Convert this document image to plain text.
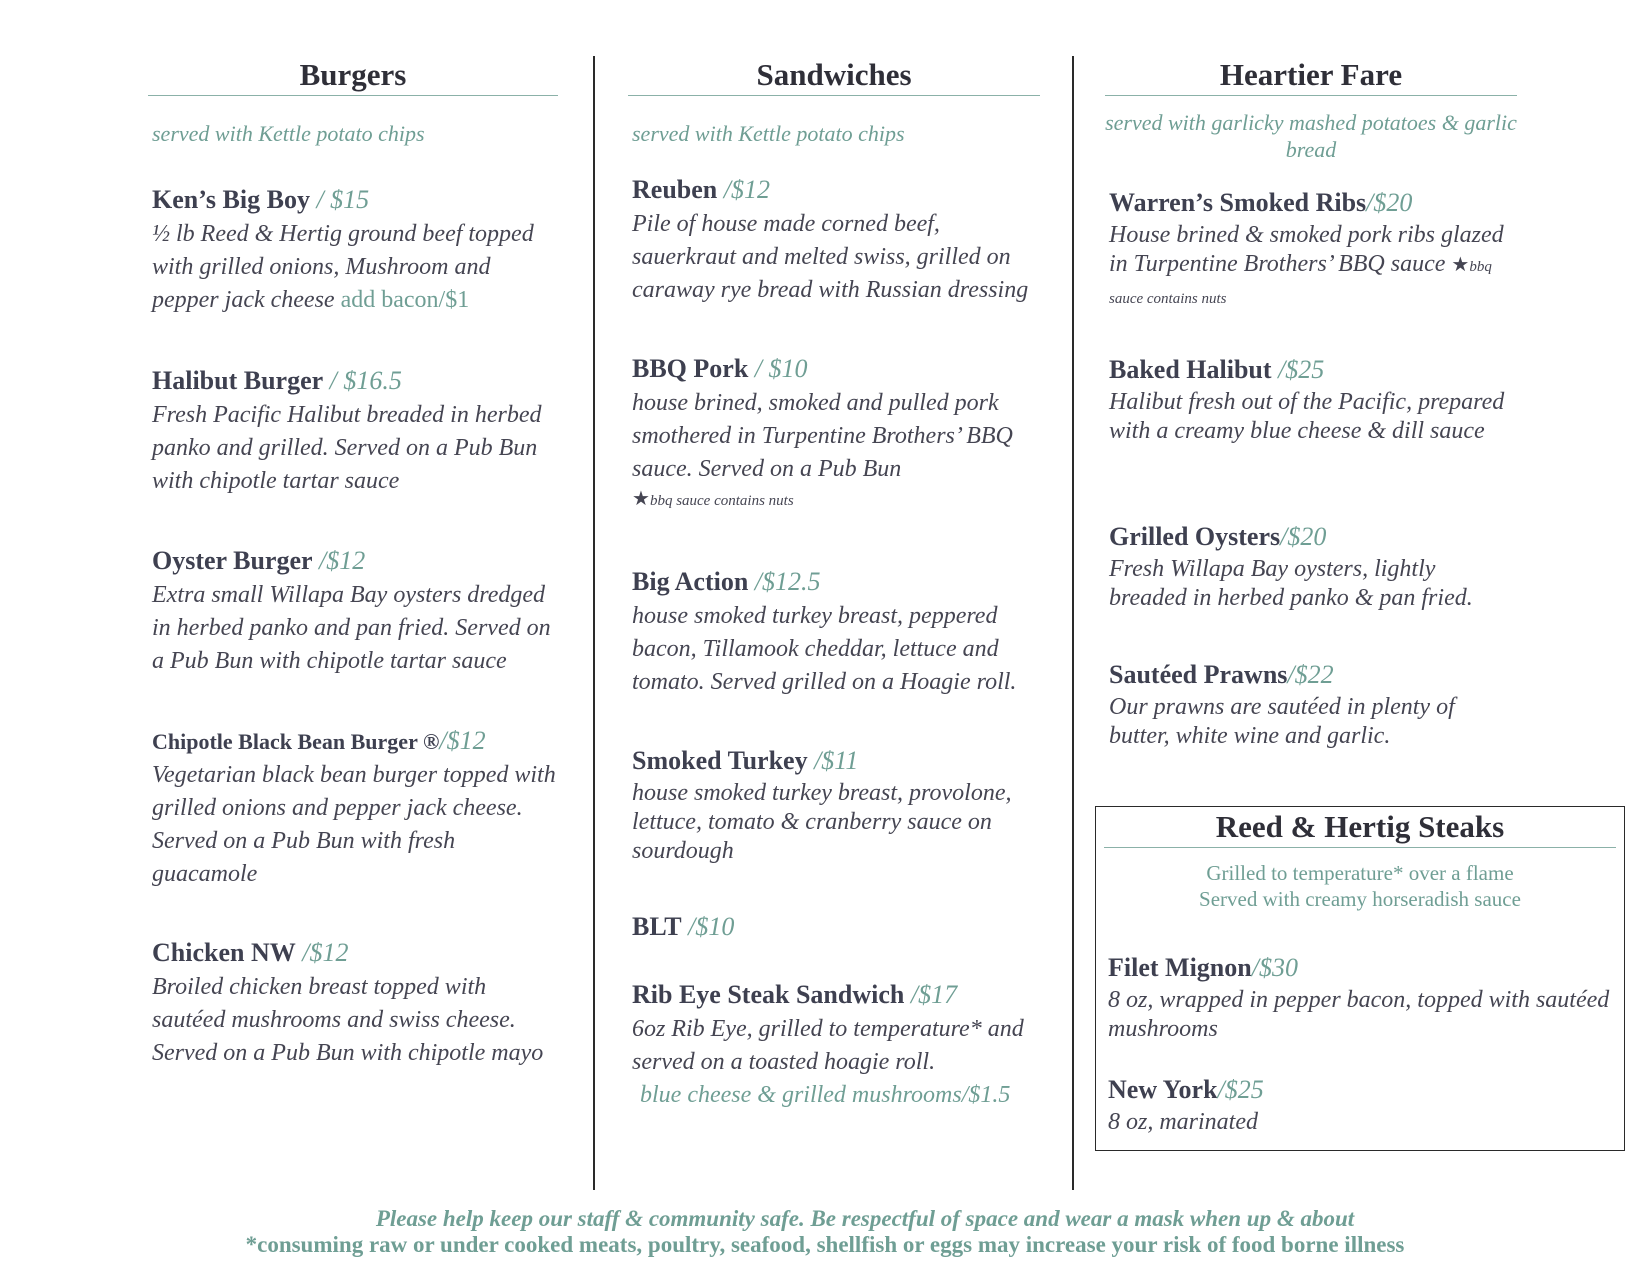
Burgers
served with Kettle potato chips
Ken’s Big Boy / $15
½ lb Reed & Hertig ground beef topped with grilled onions, Mushroom and pepper jack cheese add bacon/$1
Halibut Burger / $16.5
Fresh Pacific Halibut breaded in herbed panko and grilled. Served on a Pub Bun with chipotle tartar sauce
Oyster Burger /$12
Extra small Willapa Bay oysters dredged in herbed panko and pan fried. Served on a Pub Bun with chipotle tartar sauce
Chipotle Black Bean Burger ®/$12
Vegetarian black bean burger topped with grilled onions and pepper jack cheese. Served on a Pub Bun with fresh guacamole
Chicken NW /$12
Broiled chicken breast topped with sautéed mushrooms and swiss cheese. Served on a Pub Bun with chipotle mayo
Sandwiches
served with Kettle potato chips
Reuben /$12
Pile of house made corned beef, sauerkraut and melted swiss, grilled on caraway rye bread with Russian dressing
BBQ Pork / $10
house brined, smoked and pulled pork smothered in Turpentine Brothers’ BBQ sauce. Served on a Pub Bun
★bbq sauce contains nuts
Big Action /$12.5
house smoked turkey breast, peppered bacon, Tillamook cheddar, lettuce and tomato. Served grilled on a Hoagie roll.
Smoked Turkey /$11
house smoked turkey breast, provolone, lettuce, tomato & cranberry sauce on sourdough
BLT /$10
Rib Eye Steak Sandwich /$17
6oz Rib Eye, grilled to temperature* and served on a toasted hoagie roll.
blue cheese & grilled mushrooms/$1.5
Heartier Fare
served with garlicky mashed potatoes & garlic bread
Warren’s Smoked Ribs/$20
House brined & smoked pork ribs glazed in Turpentine Brothers’ BBQ sauce ★bbq sauce contains nuts
Baked Halibut /$25
Halibut fresh out of the Pacific, prepared with a creamy blue cheese & dill sauce
Grilled Oysters/$20
Fresh Willapa Bay oysters, lightly breaded in herbed panko & pan fried.
Sautéed Prawns/$22
Our prawns are sautéed in plenty of butter, white wine and garlic.
Reed & Hertig Steaks
Grilled to temperature* over a flame
Served with creamy horseradish sauce
Filet Mignon/$30
8 oz, wrapped in pepper bacon, topped with sautéed mushrooms
New York/$25
8 oz, marinated
Please help keep our staff & community safe. Be respectful of space and wear a mask when up & about
*consuming raw or under cooked meats, poultry, seafood, shellfish or eggs may increase your risk of food borne illness
